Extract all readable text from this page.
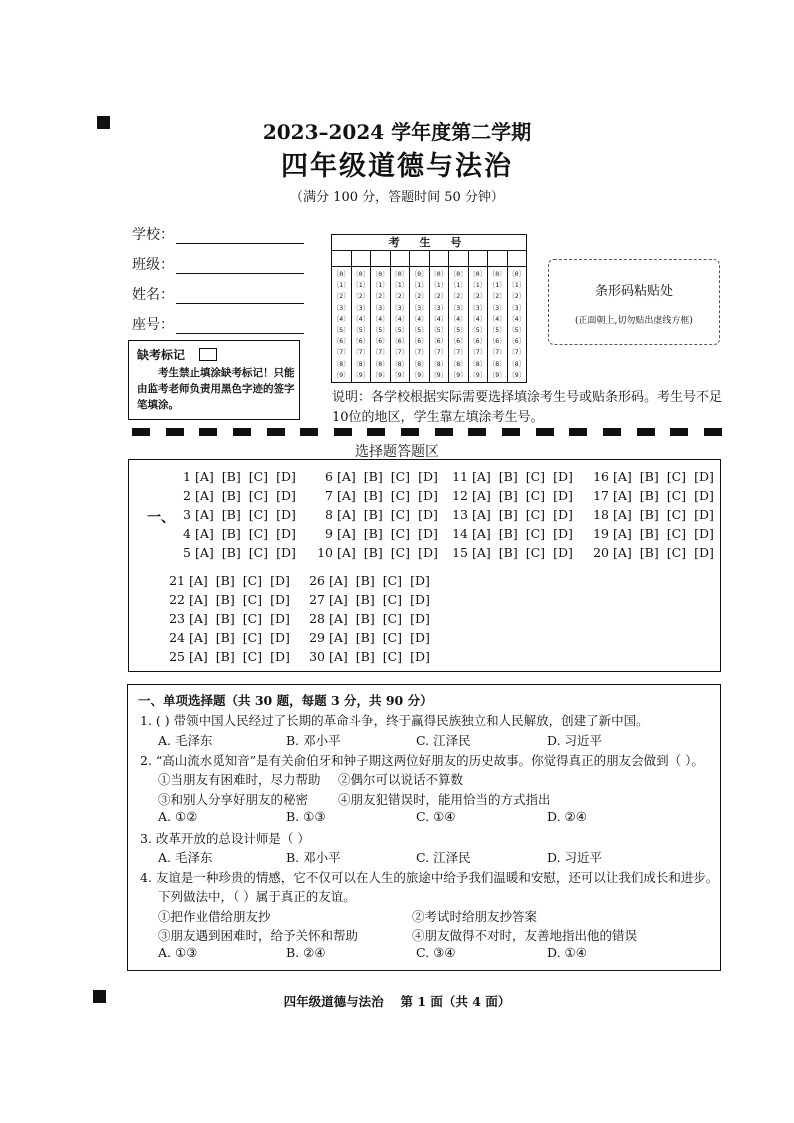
2023–2024 学年度第二学期
四年级道德与法治
（满分 100 分，答题时间 50 分钟）
学校：
班级：
姓名：
座号：
缺考标记
考生禁止填涂缺考标记！只能由监考老师负责用黑色字迹的签字笔填涂。
考 生 号
〔0〕
〔1〕
〔2〕
〔3〕
〔4〕
〔5〕
〔6〕
〔7〕
〔8〕
〔9〕
〔0〕
〔1〕
〔2〕
〔3〕
〔4〕
〔5〕
〔6〕
〔7〕
〔8〕
〔9〕
〔0〕
〔1〕
〔2〕
〔3〕
〔4〕
〔5〕
〔6〕
〔7〕
〔8〕
〔9〕
〔0〕
〔1〕
〔2〕
〔3〕
〔4〕
〔5〕
〔6〕
〔7〕
〔8〕
〔9〕
〔0〕
〔1〕
〔2〕
〔3〕
〔4〕
〔5〕
〔6〕
〔7〕
〔8〕
〔9〕
〔0〕
〔1〕
〔2〕
〔3〕
〔4〕
〔5〕
〔6〕
〔7〕
〔8〕
〔9〕
〔0〕
〔1〕
〔2〕
〔3〕
〔4〕
〔5〕
〔6〕
〔7〕
〔8〕
〔9〕
〔0〕
〔1〕
〔2〕
〔3〕
〔4〕
〔5〕
〔6〕
〔7〕
〔8〕
〔9〕
〔0〕
〔1〕
〔2〕
〔3〕
〔4〕
〔5〕
〔6〕
〔7〕
〔8〕
〔9〕
〔0〕
〔1〕
〔2〕
〔3〕
〔4〕
〔5〕
〔6〕
〔7〕
〔8〕
〔9〕
条形码粘贴处
(正面朝上,切勿贴出虚线方框)
说明：各学校根据实际需要选择填涂考生号或贴条形码。考生号不足10位的地区，学生靠左填涂考生号。
选择题答题区
一、
1 [A] [B] [C] [D]
2 [A] [B] [C] [D]
3 [A] [B] [C] [D]
4 [A] [B] [C] [D]
5 [A] [B] [C] [D]
6 [A] [B] [C] [D]
7 [A] [B] [C] [D]
8 [A] [B] [C] [D]
9 [A] [B] [C] [D]
10 [A] [B] [C] [D]
11 [A] [B] [C] [D]
12 [A] [B] [C] [D]
13 [A] [B] [C] [D]
14 [A] [B] [C] [D]
15 [A] [B] [C] [D]
16 [A] [B] [C] [D]
17 [A] [B] [C] [D]
18 [A] [B] [C] [D]
19 [A] [B] [C] [D]
20 [A] [B] [C] [D]
21 [A] [B] [C] [D]
22 [A] [B] [C] [D]
23 [A] [B] [C] [D]
24 [A] [B] [C] [D]
25 [A] [B] [C] [D]
26 [A] [B] [C] [D]
27 [A] [B] [C] [D]
28 [A] [B] [C] [D]
29 [A] [B] [C] [D]
30 [A] [B] [C] [D]
一、单项选择题（共 30 题，每题 3 分，共 90 分）
1. ( ) 带领中国人民经过了长期的革命斗争，终于赢得民族独立和人民解放，创建了新中国。
A. 毛泽东	B. 邓小平	C. 江泽民	D. 习近平
2. “高山流水觅知音”是有关俞伯牙和钟子期这两位好朋友的历史故事。你觉得真正的朋友会做到（ ）。
①当朋友有困难时，尽力帮助 ②偶尔可以说话不算数
③和别人分享好朋友的秘密 ④朋友犯错误时，能用恰当的方式指出
A. ①②	B. ①③	C. ①④	D. ②④
3. 改革开放的总设计师是（ ）
A. 毛泽东	B. 邓小平	C. 江泽民	D. 习近平
4. 友谊是一种珍贵的情感，它不仅可以在人生的旅途中给予我们温暖和安慰，还可以让我们成长和进步。
下列做法中，（ ）属于真正的友谊。
①把作业借给朋友抄	②考试时给朋友抄答案
③朋友遇到困难时，给予关怀和帮助	④朋友做得不对时，友善地指出他的错误
A. ①③	B. ②④	C. ③④	D. ①④
四年级道德与法治　 第 1 面（共 4 面）
